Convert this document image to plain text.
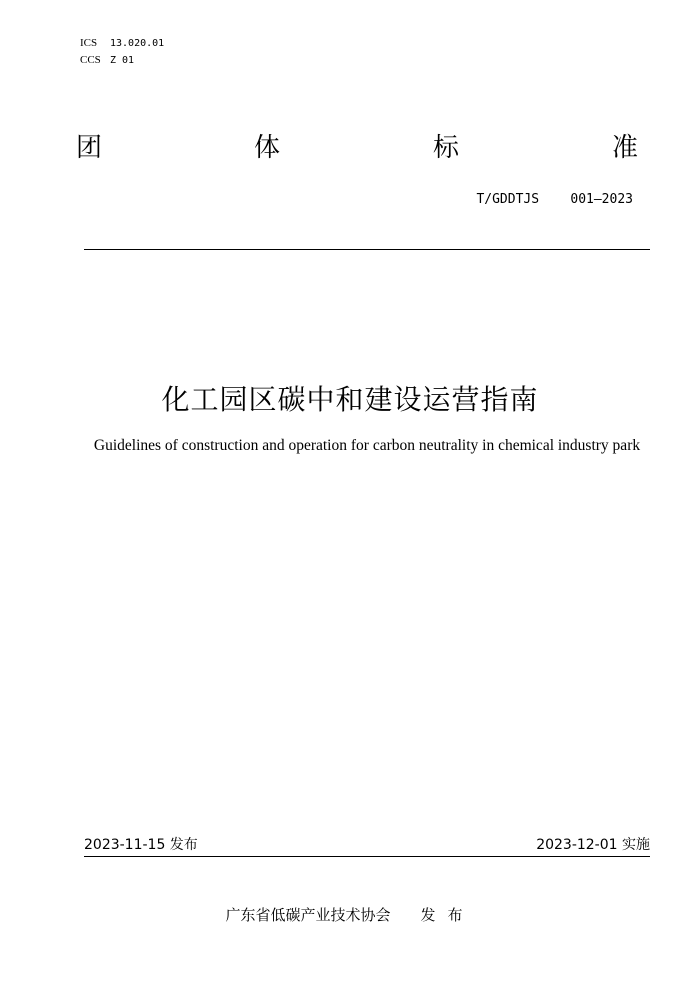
ICS 13.020.01
CCS Z 01
团	体	标	准
T/GDDTJS    001—2023
化工园区碳中和建设运营指南
Guidelines of construction and operation for carbon neutrality in chemical industry park
2023-11-15 发布	2023-12-01 实施
广东省低碳产业技术协会 发布
